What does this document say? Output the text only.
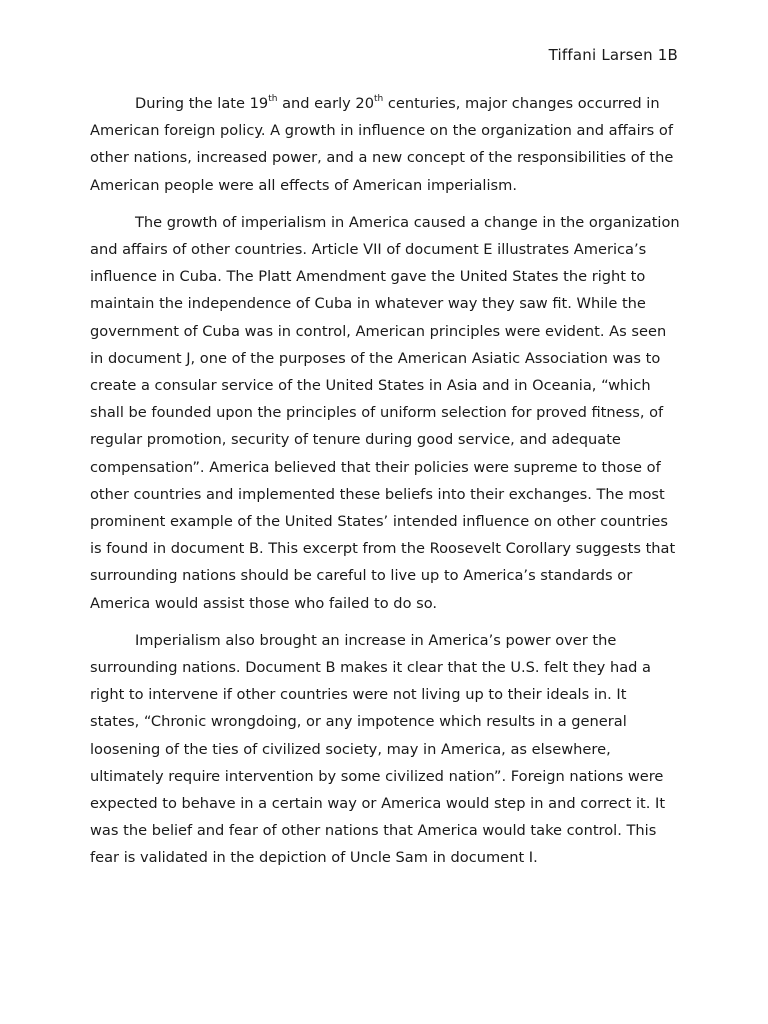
Tiffani Larsen 1B

During the late 19th and early 20th centuries, major changes occurred in American foreign policy. A growth in influence on the organization and affairs of other nations, increased power, and a new concept of the responsibilities of the American people were all effects of American imperialism.

The growth of imperialism in America caused a change in the organization and affairs of other countries. Article VII of document E illustrates America’s influence in Cuba. The Platt Amendment gave the United States the right to maintain the independence of Cuba in whatever way they saw fit. While the government of Cuba was in control, American principles were evident. As seen in document J, one of the purposes of the American Asiatic Association was to create a consular service of the United States in Asia and in Oceania, “which shall be founded upon the principles of uniform selection for proved fitness, of regular promotion, security of tenure during good service, and adequate compensation”. America believed that their policies were supreme to those of other countries and implemented these beliefs into their exchanges. The most prominent example of the United States’ intended influence on other countries is found in document B. This excerpt from the Roosevelt Corollary suggests that surrounding nations should be careful to live up to America’s standards or America would assist those who failed to do so.

Imperialism also brought an increase in America’s power over the surrounding nations. Document B makes it clear that the U.S. felt they had a right to intervene if other countries were not living up to their ideals in. It states, “Chronic wrongdoing, or any impotence which results in a general loosening of the ties of civilized society, may in America, as elsewhere, ultimately require intervention by some civilized nation”. Foreign nations were expected to behave in a certain way or America would step in and correct it. It was the belief and fear of other nations that America would take control. This fear is validated in the depiction of Uncle Sam in document I.
